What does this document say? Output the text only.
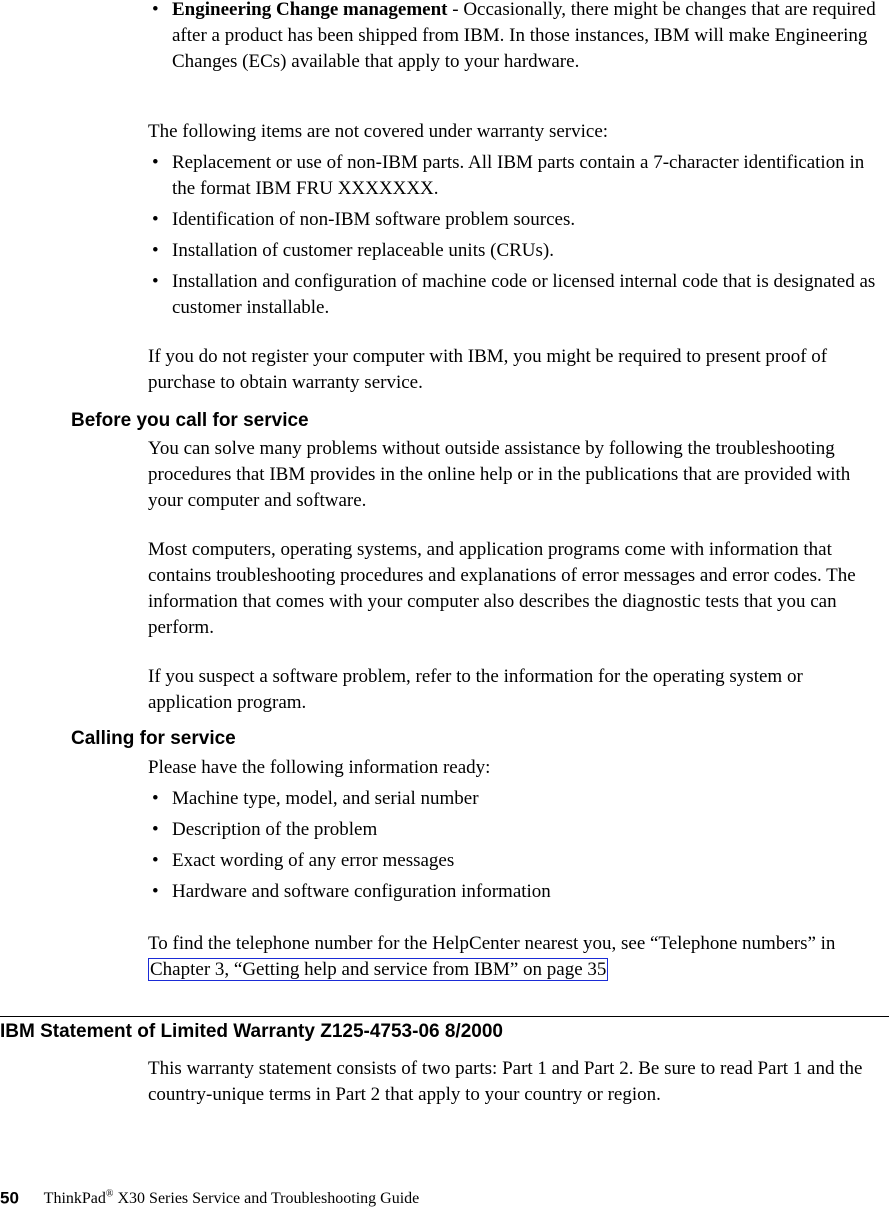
• Engineering Change management - Occasionally, there might be changes that are required after a product has been shipped from IBM. In those instances, IBM will make Engineering Changes (ECs) available that apply to your hardware.

The following items are not covered under warranty service:

• Replacement or use of non-IBM parts. All IBM parts contain a 7-character identification in the format IBM FRU XXXXXXX.

• Identification of non-IBM software problem sources.

• Installation of customer replaceable units (CRUs).

• Installation and configuration of machine code or licensed internal code that is designated as customer installable.

If you do not register your computer with IBM, you might be required to present proof of purchase to obtain warranty service.

Before you call for service

You can solve many problems without outside assistance by following the troubleshooting procedures that IBM provides in the online help or in the publications that are provided with your computer and software.

Most computers, operating systems, and application programs come with information that contains troubleshooting procedures and explanations of error messages and error codes. The information that comes with your computer also describes the diagnostic tests that you can perform.

If you suspect a software problem, refer to the information for the operating system or application program.

Calling for service

Please have the following information ready:

• Machine type, model, and serial number

• Description of the problem

• Exact wording of any error messages

• Hardware and software configuration information

To find the telephone number for the HelpCenter nearest you, see “Telephone numbers” in Chapter 3, “Getting help and service from IBM” on page 35

IBM Statement of Limited Warranty Z125-4753-06 8/2000

This warranty statement consists of two parts: Part 1 and Part 2. Be sure to read Part 1 and the country-unique terms in Part 2 that apply to your country or region.

50 ThinkPad® X30 Series Service and Troubleshooting Guide
